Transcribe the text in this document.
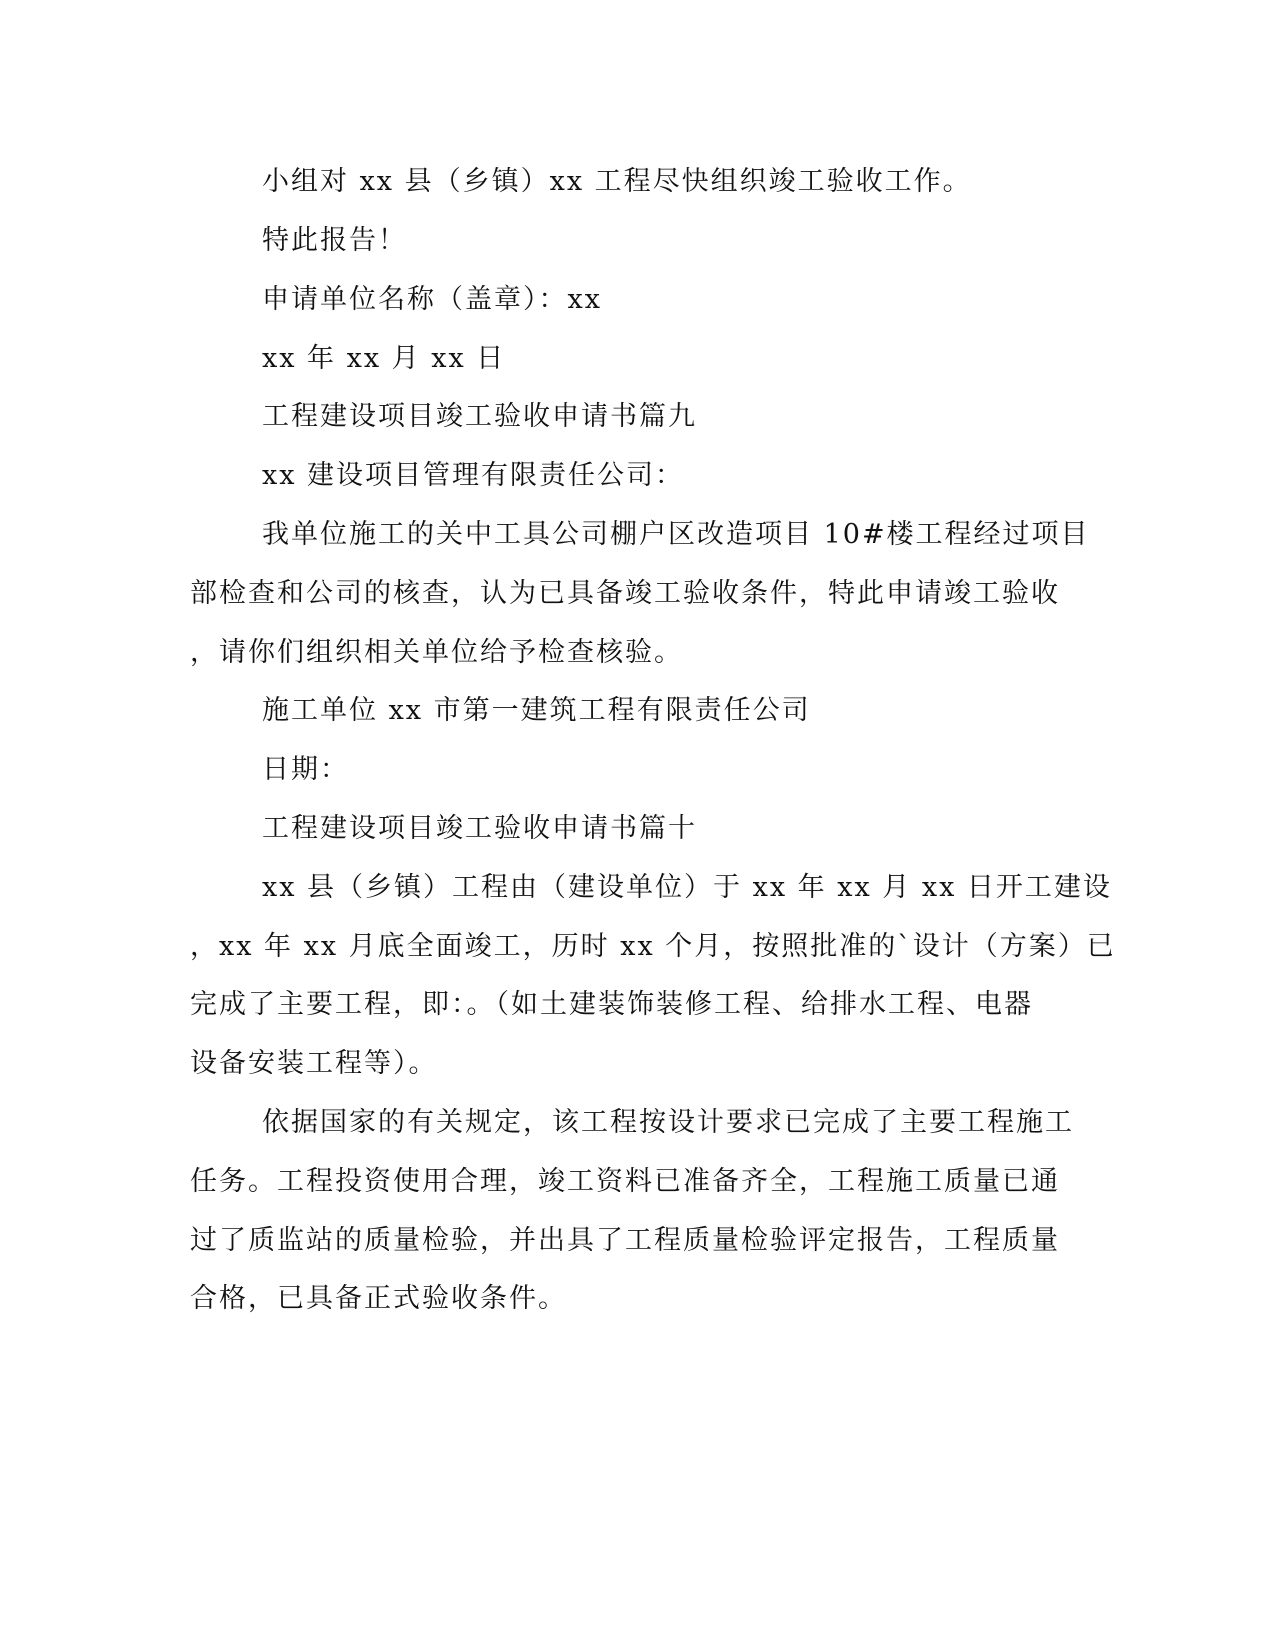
小组对 xx 县（乡镇）xx 工程尽快组织竣工验收工作。
特此报告！
申请单位名称（盖章）：xx
xx 年 xx 月 xx 日
工程建设项目竣工验收申请书篇九
xx 建设项目管理有限责任公司：
我单位施工的关中工具公司棚户区改造项目 10#楼工程经过项目
部检查和公司的核查，认为已具备竣工验收条件，特此申请竣工验收
，请你们组织相关单位给予检查核验。
施工单位 xx 市第一建筑工程有限责任公司
日期：
工程建设项目竣工验收申请书篇十
xx 县（乡镇）工程由（建设单位）于 xx 年 xx 月 xx 日开工建设
，xx 年 xx 月底全面竣工，历时 xx 个月，按照批准的`设计（方案）已
完成了主要工程，即：。（如土建装饰装修工程、给排水工程、电器
设备安装工程等）。
依据国家的有关规定，该工程按设计要求已完成了主要工程施工
任务。工程投资使用合理，竣工资料已准备齐全，工程施工质量已通
过了质监站的质量检验，并出具了工程质量检验评定报告，工程质量
合格，已具备正式验收条件。
